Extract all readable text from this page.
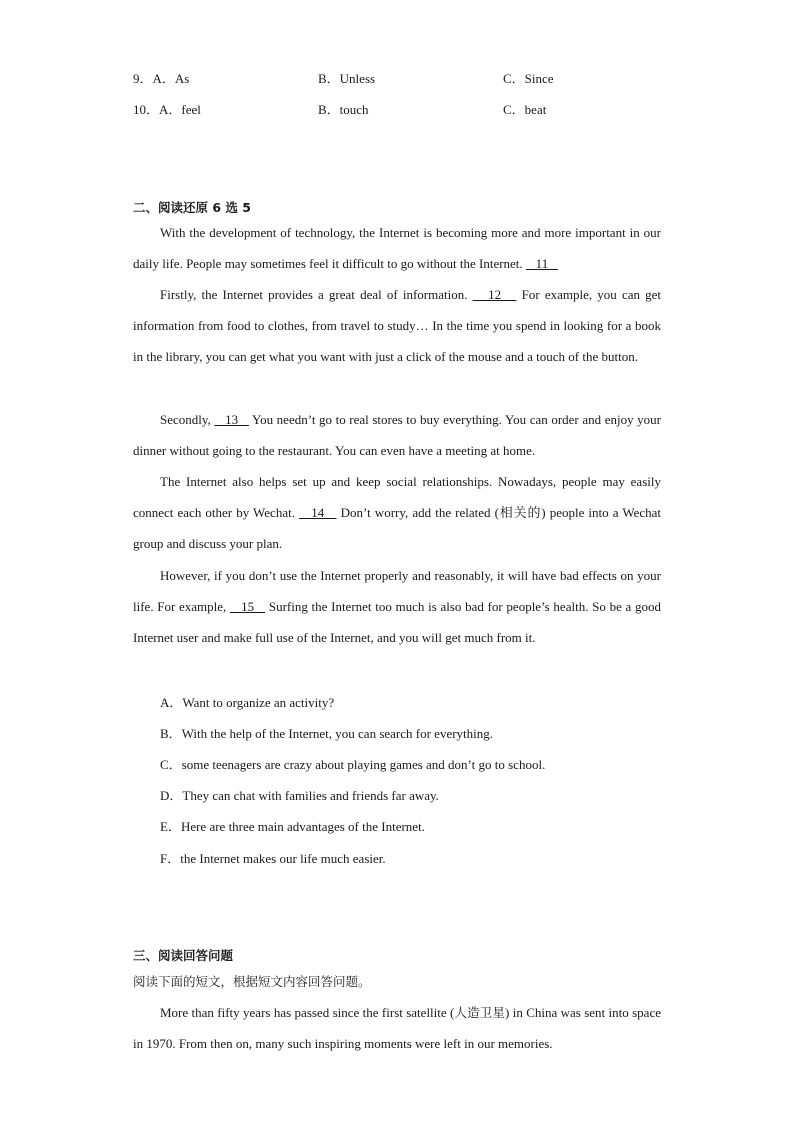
9．A．As	B．Unless	C．Since
10．A．feel	B．touch	C．beat
二、阅读还原 6 选 5

With the development of technology, the Internet is becoming more and more important in our daily life. People may sometimes feel it difficult to go without the Internet.    11

Firstly, the Internet provides a great deal of information.    12    For example, you can get information from food to clothes, from travel to study… In the time you spend in looking for a book in the library, you can get what you want with just a click of the mouse and a touch of the button.

Secondly,    13    You needn’t go to real stores to buy everything. You can order and enjoy your dinner without going to the restaurant. You can even have a meeting at home.

The Internet also helps set up and keep social relationships. Nowadays, people may easily connect each other by Wechat.    14    Don’t worry, add the related (相关的) people into a Wechat group and discuss your plan.

However, if you don’t use the Internet properly and reasonably, it will have bad effects on your life. For example,    15    Surfing the Internet too much is also bad for people’s health. So be a good Internet user and make full use of the Internet, and you will get much from it.

A．Want to organize an activity?
B．With the help of the Internet, you can search for everything.
C．some teenagers are crazy about playing games and don’t go to school.
D．They can chat with families and friends far away.
E．Here are three main advantages of the Internet.
F．the Internet makes our life much easier.
三、阅读回答问题
阅读下面的短文，根据短文内容回答问题。

More than fifty years has passed since the first satellite (人造卫星) in China was sent into space in 1970. From then on, many such inspiring moments were left in our memories.
